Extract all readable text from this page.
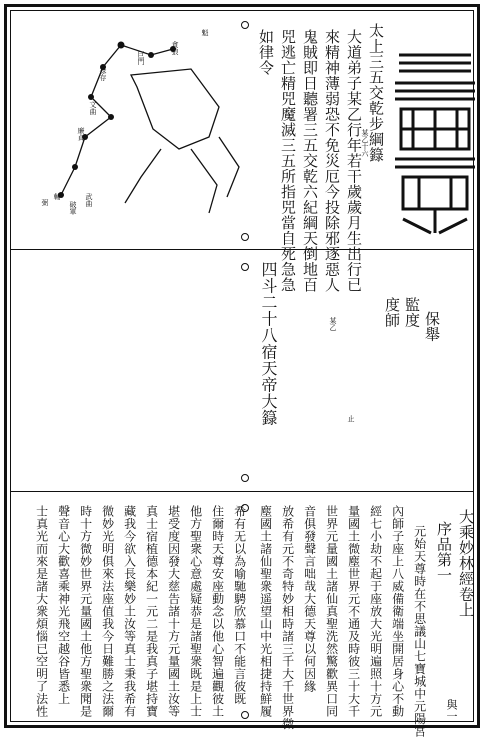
太上三五交乾步綱籙
大道弟子某乙行年若干歲歲月生出行已
來精神薄弱恐不免災厄今投除邪逐惡人
鬼賊即日聽署三五交乾六紀綱天倒地百
兕逃亡精兕魔滅三五所指兕當自死急急
如律令
某乙十六
魁
貪狼
巨門
祿存
文曲
廉貞
武曲
破軍
輔
弼
四斗二十八宿天帝大籙	保舉
監度
度師
某乙
止
大乘妙林經卷上
序品第一
與一
元始天尊時在不思議山七寶城中元陽宮
內師子座上八威備衛端坐開居身心不動
經七小劫不起于座放大光明遍照十方元
量國土微塵世界元不通及時彼三十大千
世界元量國土諸仙真聖洗然驚歡異口同
音俱發聲言咄哉大德天尊以何因緣
放希有元不奇特妙相時諸三千大千世界微
塵國土諸仙聖衆遥望山中光相捷持鮮履
希有无以為喻馳騁欣慕口不能言彼既
住爾時天尊安座動念以他心智遍觀彼土
他方聖衆心意處疑恭是諸聖衆既是上士
堪受度因發大慈告諸十方元量國土汝等
真士宿植德本紀一元二是我真子堪持寶
藏我今欲入長樂妙土汝等真士秉我希有
微妙光明俱來法座值我今日難勝之法爾
時十方微妙世界元量國土他方聖衆聞是
聲音心大歡喜乘神光飛空越谷皆悉上
士真光而來是諸大衆煩惱已空明了法性
